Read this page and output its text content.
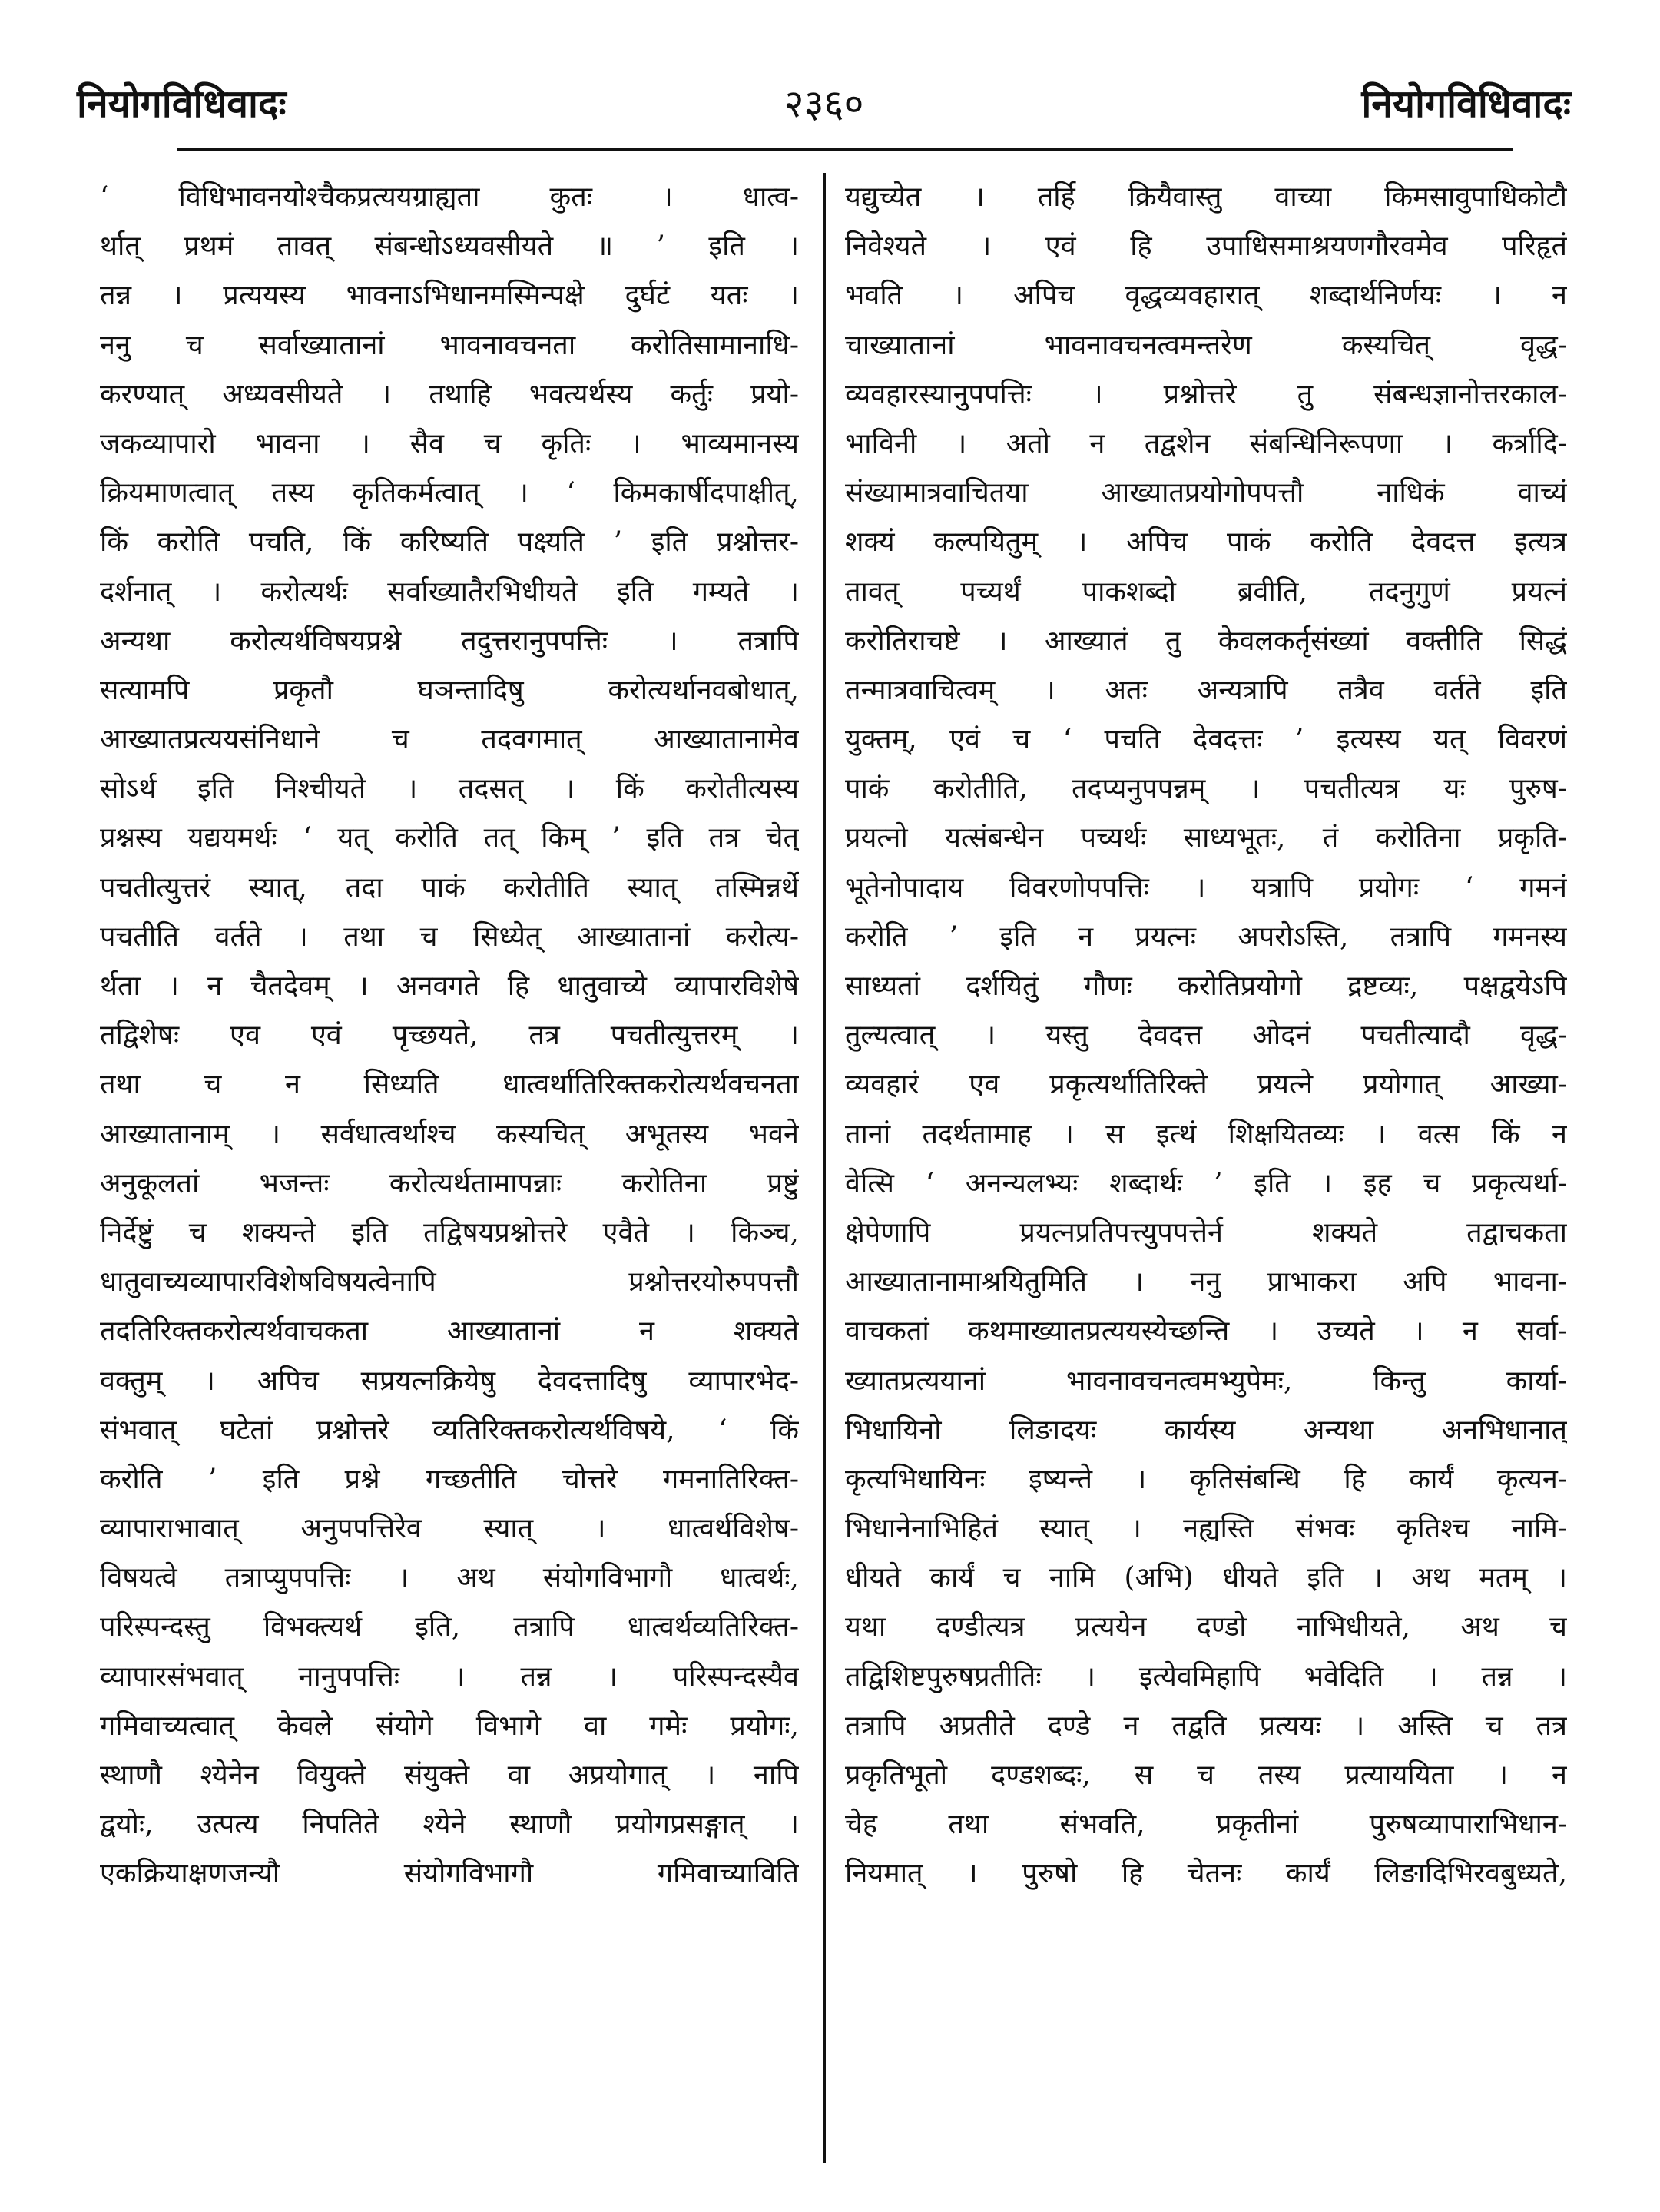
२३६०
नियोगविधिवादः	नियोगविधिवादः
‘ विधिभावनयोश्चैकप्रत्ययग्राह्यता कुतः । धात्व-
र्थात् प्रथमं तावत् संबन्धोऽध्यवसीयते ॥ ’ इति ।
तन्न । प्रत्ययस्य भावनाऽभिधानमस्मिन्पक्षे दुर्घटं यतः ।
ननु च सर्वाख्यातानां भावनावचनता करोतिसामानाधि-
करण्यात् अध्यवसीयते । तथाहि भवत्यर्थस्य कर्तुः प्रयो-
जकव्यापारो भावना । सैव च कृतिः । भाव्यमानस्य
क्रियमाणत्वात् तस्य कृतिकर्मत्वात् । ‘ किमकार्षीदपाक्षीत्,
किं करोति पचति, किं करिष्यति पक्ष्यति ’ इति प्रश्नोत्तर-
दर्शनात् । करोत्यर्थः सर्वाख्यातैरभिधीयते इति गम्यते ।
अन्यथा करोत्यर्थविषयप्रश्ने तदुत्तरानुपपत्तिः । तत्रापि
सत्यामपि प्रकृतौ घञन्तादिषु करोत्यर्थानवबोधात्,
आख्यातप्रत्ययसंनिधाने च तदवगमात् आख्यातानामेव
सोऽर्थ इति निश्चीयते । तदसत् । किं करोतीत्यस्य
प्रश्नस्य यद्ययमर्थः ‘ यत् करोति तत् किम् ’ इति तत्र चेत्
पचतीत्युत्तरं स्यात्, तदा पाकं करोतीति स्यात् तस्मिन्नर्थे
पचतीति वर्तते । तथा च सिध्येत् आख्यातानां करोत्य-
र्थता । न चैतदेवम् । अनवगते हि धातुवाच्ये व्यापारविशेषे
तद्विशेषः एव एवं पृच्छयते, तत्र पचतीत्युत्तरम् ।
तथा च न सिध्यति धात्वर्थातिरिक्तकरोत्यर्थवचनता
आख्यातानाम् । सर्वधात्वर्थाश्च कस्यचित् अभूतस्य भवने
अनुकूलतां भजन्तः करोत्यर्थतामापन्नाः करोतिना प्रष्टुं
निर्देष्टुं च शक्यन्ते इति तद्विषयप्रश्नोत्तरे एवैते । किञ्च,
धातुवाच्यव्यापारविशेषविषयत्वेनापि प्रश्नोत्तरयोरुपपत्तौ
तदतिरिक्तकरोत्यर्थवाचकता आख्यातानां न शक्यते
वक्तुम् । अपिच सप्रयत्नक्रियेषु देवदत्तादिषु व्यापारभेद-
संभवात् घटेतां प्रश्नोत्तरे व्यतिरिक्तकरोत्यर्थविषये, ‘ किं
करोति ’ इति प्रश्ने गच्छतीति चोत्तरे गमनातिरिक्त-
व्यापाराभावात् अनुपपत्तिरेव स्यात् । धात्वर्थविशेष-
विषयत्वे तत्राप्युपपत्तिः । अथ संयोगविभागौ धात्वर्थः,
परिस्पन्दस्तु विभक्त्यर्थ इति, तत्रापि धात्वर्थव्यतिरिक्त-
व्यापारसंभवात् नानुपपत्तिः । तन्न । परिस्पन्दस्यैव
गमिवाच्यत्वात् केवले संयोगे विभागे वा गमेः प्रयोगः,
स्थाणौ श्येनेन वियुक्ते संयुक्ते वा अप्रयोगात् । नापि
द्वयोः, उत्पत्य निपतिते श्येने स्थाणौ प्रयोगप्रसङ्गात् ।
एकक्रियाक्षणजन्यौ संयोगविभागौ गमिवाच्याविति
यद्युच्येत । तर्हि क्रियैवास्तु वाच्या किमसावुपाधिकोटौ
निवेश्यते । एवं हि उपाधिसमाश्रयणगौरवमेव परिहृतं
भवति । अपिच वृद्धव्यवहारात् शब्दार्थनिर्णयः । न
चाख्यातानां भावनावचनत्वमन्तरेण कस्यचित् वृद्ध-
व्यवहारस्यानुपपत्तिः । प्रश्नोत्तरे तु संबन्धज्ञानोत्तरकाल-
भाविनी । अतो न तद्वशेन संबन्धिनिरूपणा । कर्त्रादि-
संख्यामात्रवाचितया आख्यातप्रयोगोपपत्तौ नाधिकं वाच्यं
शक्यं कल्पयितुम् । अपिच पाकं करोति देवदत्त इत्यत्र
तावत् पच्यर्थं पाकशब्दो ब्रवीति, तदनुगुणं प्रयत्नं
करोतिराचष्टे । आख्यातं तु केवलकर्तृसंख्यां वक्तीति सिद्धं
तन्मात्रवाचित्वम् । अतः अन्यत्रापि तत्रैव वर्तते इति
युक्तम्, एवं च ‘ पचति देवदत्तः ’ इत्यस्य यत् विवरणं
पाकं करोतीति, तदप्यनुपपन्नम् । पचतीत्यत्र यः पुरुष-
प्रयत्नो यत्संबन्धेन पच्यर्थः साध्यभूतः, तं करोतिना प्रकृति-
भूतेनोपादाय विवरणोपपत्तिः । यत्रापि प्रयोगः ‘ गमनं
करोति ’ इति न प्रयत्नः अपरोऽस्ति, तत्रापि गमनस्य
साध्यतां दर्शयितुं गौणः करोतिप्रयोगो द्रष्टव्यः, पक्षद्वयेऽपि
तुल्यत्वात् । यस्तु देवदत्त ओदनं पचतीत्यादौ वृद्ध-
व्यवहारं एव प्रकृत्यर्थातिरिक्ते प्रयत्ने प्रयोगात् आख्या-
तानां तदर्थतामाह । स इत्थं शिक्षयितव्यः । वत्स किं न
वेत्सि ‘ अनन्यलभ्यः शब्दार्थः ’ इति । इह च प्रकृत्यर्था-
क्षेपेणापि प्रयत्नप्रतिपत्त्युपपत्तेर्न शक्यते तद्वाचकता
आख्यातानामाश्रयितुमिति । ननु प्राभाकरा अपि भावना-
वाचकतां कथमाख्यातप्रत्ययस्येच्छन्ति । उच्यते । न सर्वा-
ख्यातप्रत्ययानां भावनावचनत्वमभ्युपेमः, किन्तु कार्या-
भिधायिनो लिङादयः कार्यस्य अन्यथा अनभिधानात्
कृत्यभिधायिनः इष्यन्ते । कृतिसंबन्धि हि कार्यं कृत्यन-
भिधानेनाभिहितं स्यात् । नह्यस्ति संभवः कृतिश्च नामि-
धीयते कार्यं च नामि (अभि) धीयते इति । अथ मतम् ।
यथा दण्डीत्यत्र प्रत्ययेन दण्डो नाभिधीयते, अथ च
तद्विशिष्टपुरुषप्रतीतिः । इत्येवमिहापि भवेदिति । तन्न ।
तत्रापि अप्रतीते दण्डे न तद्वति प्रत्ययः । अस्ति च तत्र
प्रकृतिभूतो दण्डशब्दः, स च तस्य प्रत्याययिता । न
चेह तथा संभवति, प्रकृतीनां पुरुषव्यापाराभिधान-
नियमात् । पुरुषो हि चेतनः कार्यं लिङादिभिरवबुध्यते,
